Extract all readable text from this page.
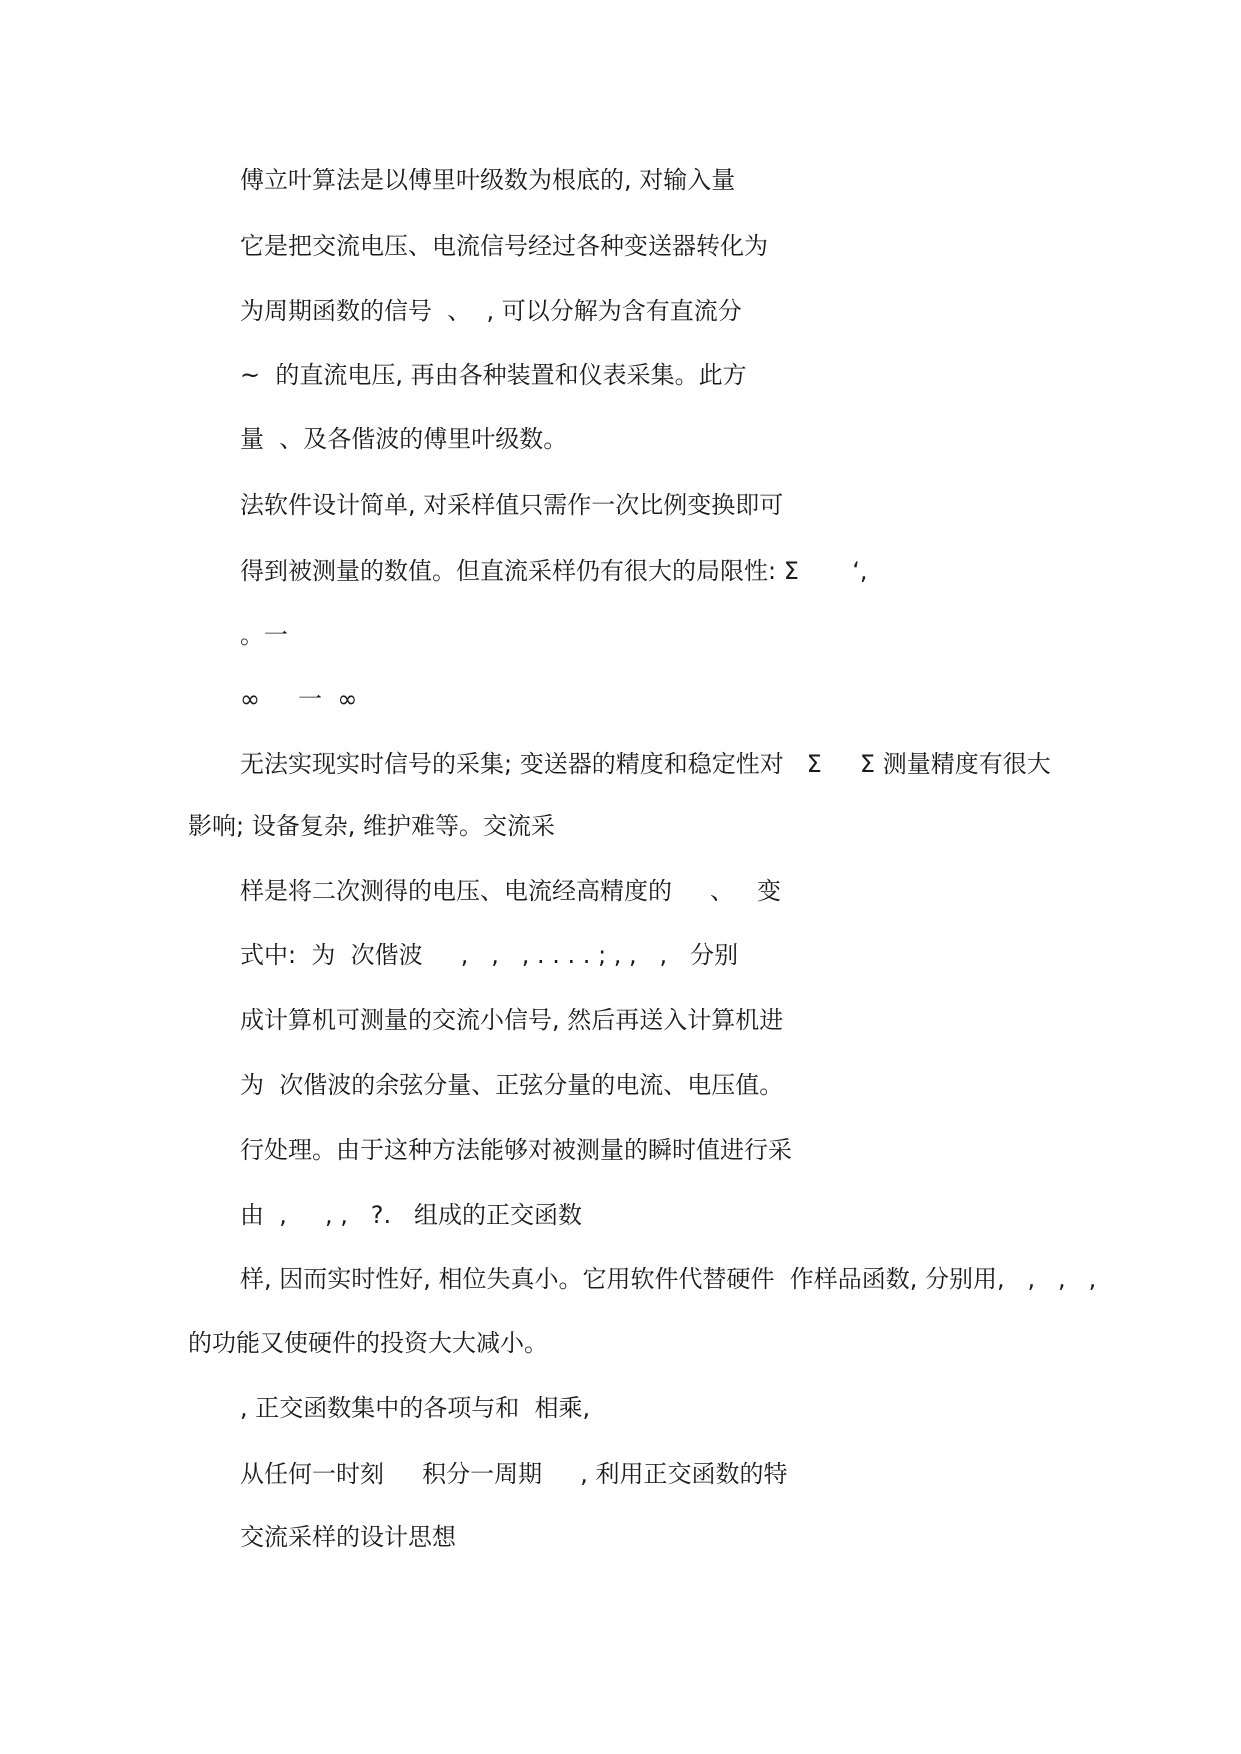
傅立叶算法是以傅里叶级数为根底的, 对输入量
它是把交流电压、电流信号经过各种变送器转化为
为周期函数的信号  、  , 可以分解为含有直流分
~  的直流电压, 再由各种装置和仪表采集。此方
量  、及各偕波的傅里叶级数。
法软件设计简单, 对采样值只需作一次比例变换即可
得到被测量的数值。但直流采样仍有很大的局限性: Σ       ‘,
。一
∞     一  ∞
无法实现实时信号的采集; 变送器的精度和稳定性对   Σ     Σ 测量精度有很大
影响; 设备复杂, 维护难等。交流采
样是将二次测得的电压、电流经高精度的     、   变
式中:  为  次偕波     ,   ,   , . . . . ; , ,   ,   分别
成计算机可测量的交流小信号, 然后再送入计算机进
为  次偕波的余弦分量、正弦分量的电流、电压值。
行处理。由于这种方法能够对被测量的瞬时值进行采
由  ,     , ,   ?.   组成的正交函数
样, 因而实时性好, 相位失真小。它用软件代替硬件  作样品函数, 分别用,   ,   ,   ,
的功能又使硬件的投资大大减小。
, 正交函数集中的各项与和  相乘,
从任何一时刻     积分一周期     , 利用正交函数的特
交流采样的设计思想
